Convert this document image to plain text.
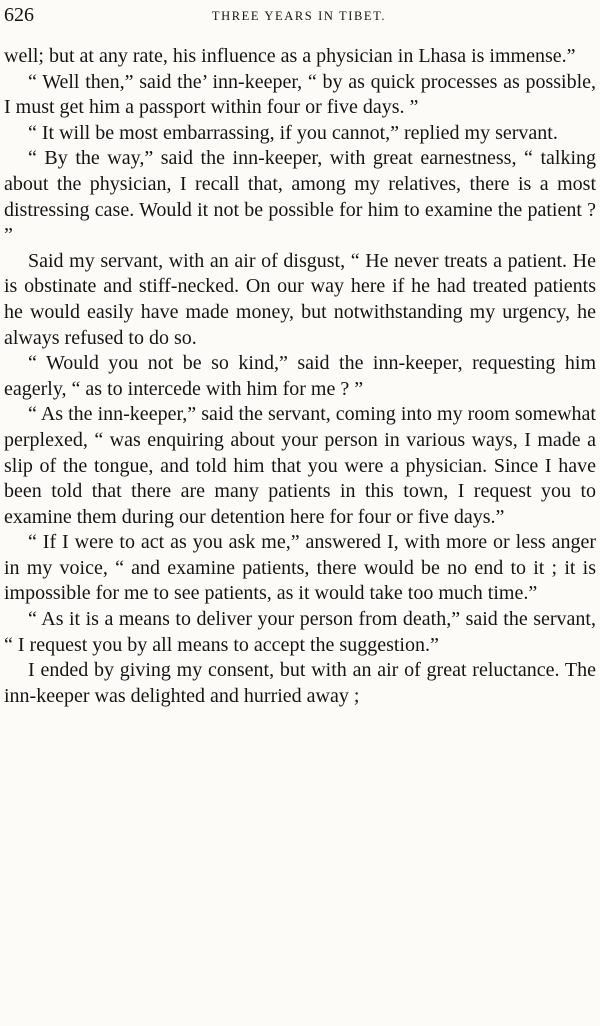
626	THREE YEARS IN TIBET.

well; but at any rate, his influence as a physician in Lhasa is immense.”

“ Well then,” said the’ inn-keeper, “ by as quick processes as possible, I must get him a passport within four or five days. ”

“ It will be most embarrassing, if you cannot,” replied my servant.

“ By the way,” said the inn-keeper, with great earnestness, “ talking about the physician, I recall that, among my relatives, there is a most distressing case. Would it not be possible for him to examine the patient ? ”

Said my servant, with an air of disgust, “ He never treats a patient. He is obstinate and stiff-necked. On our way here if he had treated patients he would easily have made money, but notwithstanding my urgency, he always refused to do so.

“ Would you not be so kind,” said the inn-keeper, requesting him eagerly, “ as to intercede with him for me ? ”

“ As the inn-keeper,” said the servant, coming into my room somewhat perplexed, “ was enquiring about your person in various ways, I made a slip of the tongue, and told him that you were a physician. Since I have been told that there are many patients in this town, I request you to examine them during our detention here for four or five days.”

“ If I were to act as you ask me,” answered I, with more or less anger in my voice, “ and examine patients, there would be no end to it ; it is impossible for me to see patients, as it would take too much time.”

“ As it is a means to deliver your person from death,” said the servant, “ I request you by all means to accept the suggestion.”

I ended by giving my consent, but with an air of great reluctance. The inn-keeper was delighted and hurried away ;
